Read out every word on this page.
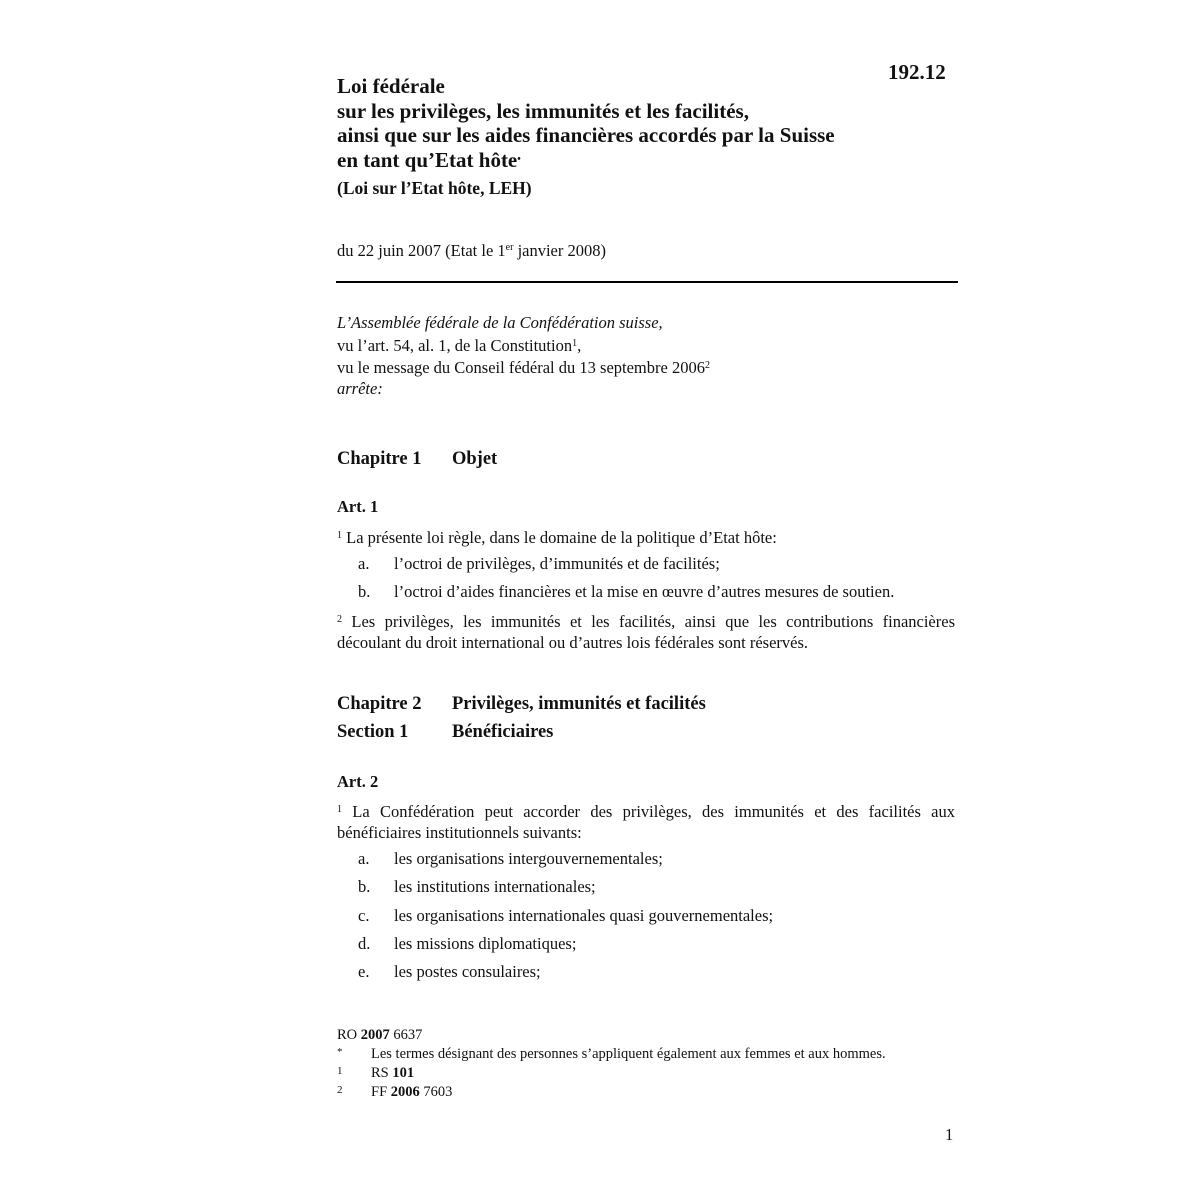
192.12
Loi fédérale
sur les privilèges, les immunités et les facilités,
ainsi que sur les aides financières accordés par la Suisse
en tant qu’Etat hôte•
(Loi sur l’Etat hôte, LEH)
du 22 juin 2007 (Etat le 1er janvier 2008)
L’Assemblée fédérale de la Confédération suisse,
vu l’art. 54, al. 1, de la Constitution$^1$,
vu le message du Conseil fédéral du 13 septembre 2006$^2$
arrête:
Chapitre 1 Objet
Art. 1
$^1$ La présente loi règle, dans le domaine de la politique d’Etat hôte:
a. l’octroi de privilèges, d’immunités et de facilités;
b. l’octroi d’aides financières et la mise en œuvre d’autres mesures de soutien.
$^2$ Les privilèges, les immunités et les facilités, ainsi que les contributions financières découlant du droit international ou d’autres lois fédérales sont réservés.
Chapitre 2 Privilèges, immunités et facilités
Section 1 Bénéficiaires
Art. 2
$^1$ La Confédération peut accorder des privilèges, des immunités et des facilités aux bénéficiaires institutionnels suivants:
a. les organisations intergouvernementales;
b. les institutions internationales;
c. les organisations internationales quasi gouvernementales;
d. les missions diplomatiques;
e. les postes consulaires;
RO 2007 6637
* Les termes désignant des personnes s’appliquent également aux femmes et aux hommes.
1 RS 101
2 FF 2006 7603
1
